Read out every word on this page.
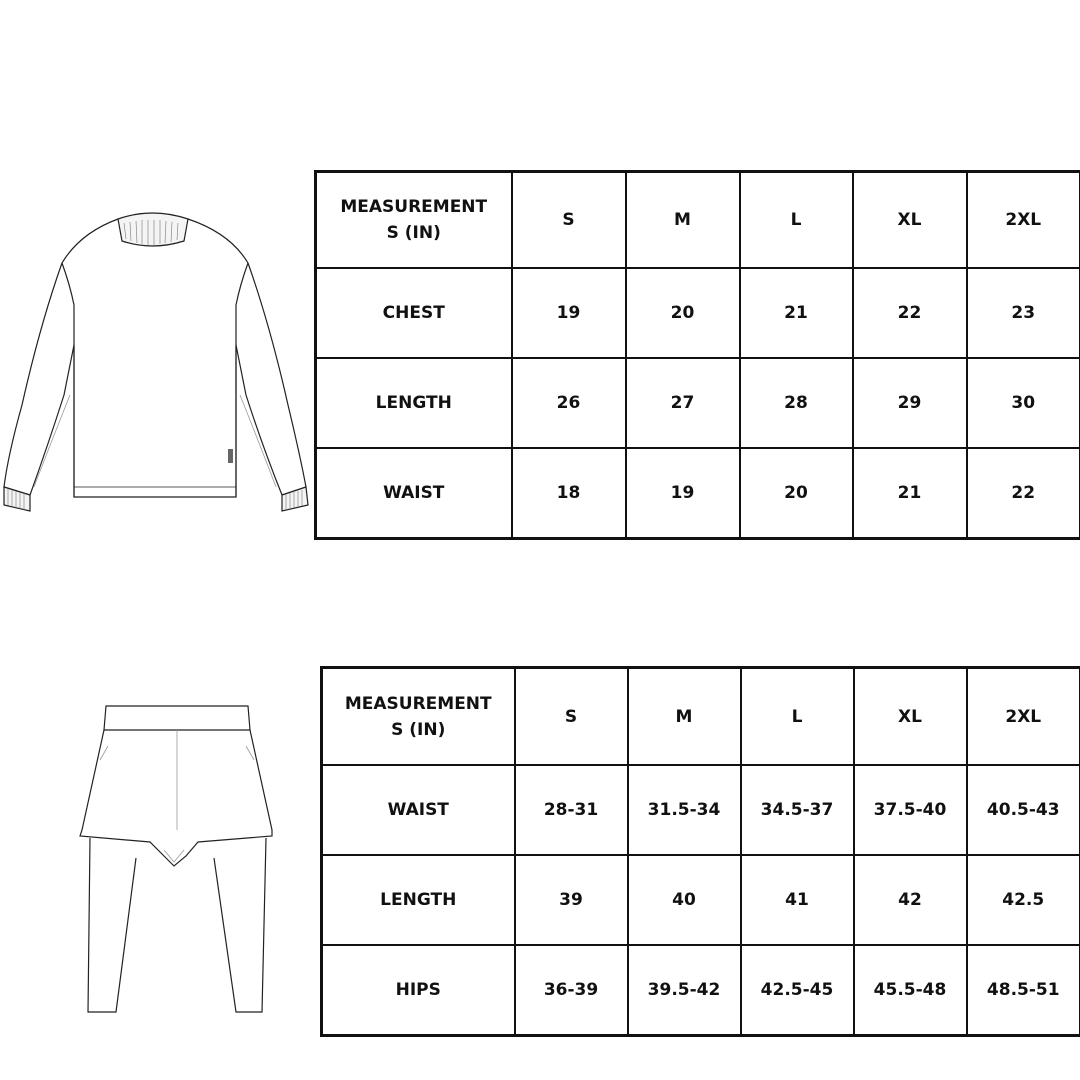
MEASUREMENTS (IN)	S	M	L	XL	2XL
CHEST	19	20	21	22	23
LENGTH	26	27	28	29	30
WAIST	18	19	20	21	22
MEASUREMENTS (IN)	S	M	L	XL	2XL
WAIST	28-31	31.5-34	34.5-37	37.5-40	40.5-43
LENGTH	39	40	41	42	42.5
HIPS	36-39	39.5-42	42.5-45	45.5-48	48.5-51
